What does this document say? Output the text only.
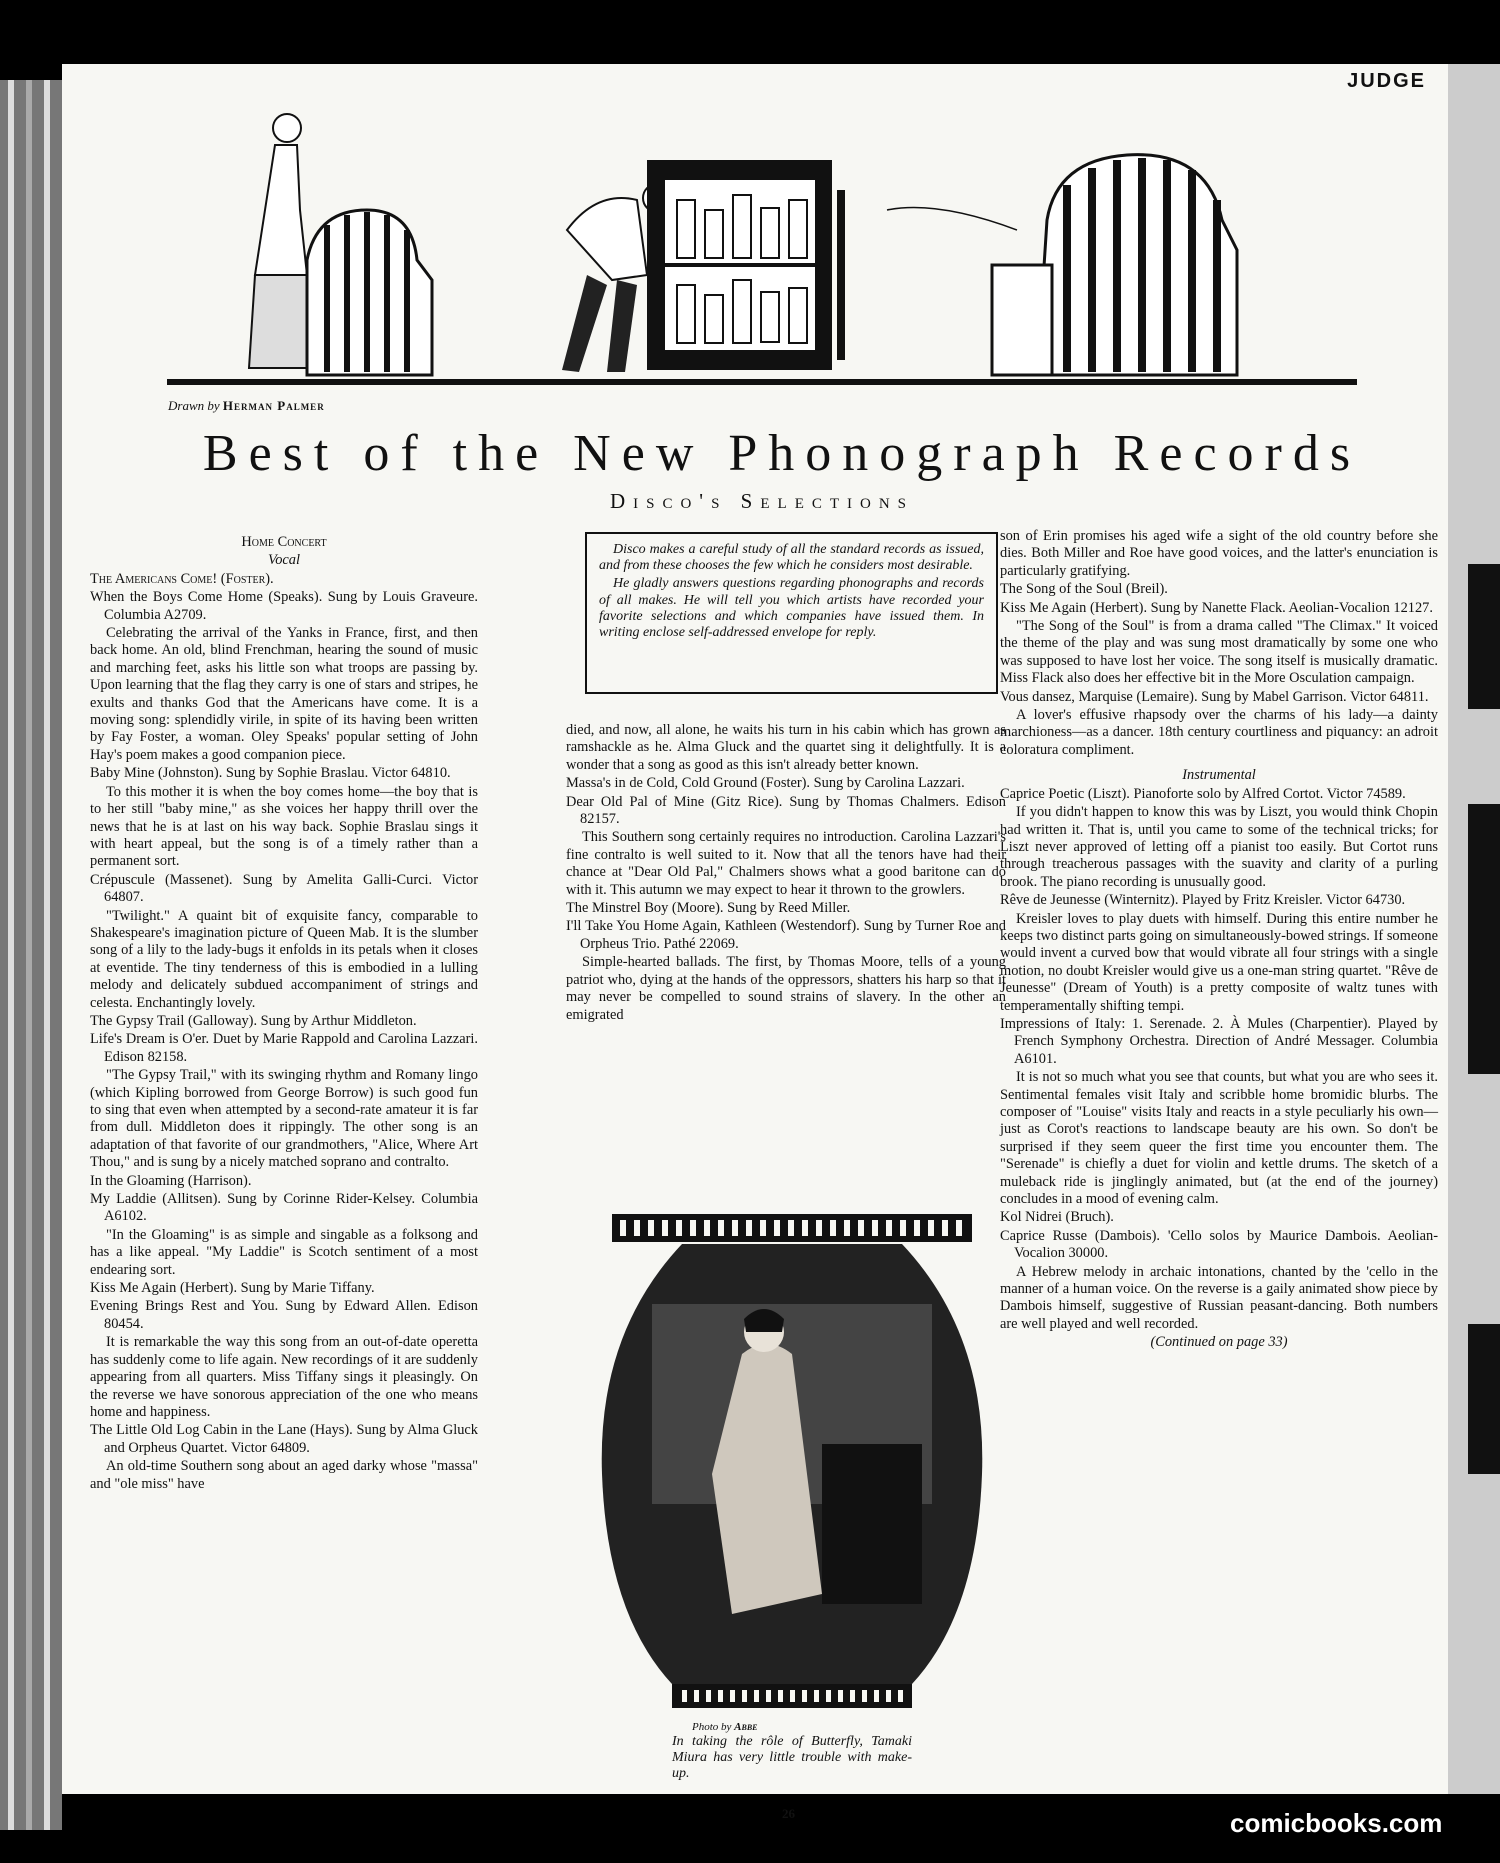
JUDGE
Drawn by Herman Palmer
Best of the New Phonograph Records
Disco's Selections

Home Concert

Vocal

The Americans Come! (Foster).

When the Boys Come Home (Speaks). Sung by Louis Graveure. Columbia A2709.

Celebrating the arrival of the Yanks in France, first, and then back home. An old, blind Frenchman, hearing the sound of music and marching feet, asks his little son what troops are passing by. Upon learning that the flag they carry is one of stars and stripes, he exults and thanks God that the Americans have come. It is a moving song: splendidly virile, in spite of its having been written by Fay Foster, a woman. Oley Speaks' popular setting of John Hay's poem makes a good companion piece.

Baby Mine (Johnston). Sung by Sophie Braslau. Victor 64810.

To this mother it is when the boy comes home—the boy that is to her still "baby mine," as she voices her happy thrill over the news that he is at last on his way back. Sophie Braslau sings it with heart appeal, but the song is of a timely rather than a permanent sort.

Crépuscule (Massenet). Sung by Amelita Galli-Curci. Victor 64807.

"Twilight." A quaint bit of exquisite fancy, comparable to Shakespeare's imagination picture of Queen Mab. It is the slumber song of a lily to the lady-bugs it enfolds in its petals when it closes at eventide. The tiny tenderness of this is embodied in a lulling melody and delicately subdued accompaniment of strings and celesta. Enchantingly lovely.

The Gypsy Trail (Galloway). Sung by Arthur Middleton.

Life's Dream is O'er. Duet by Marie Rappold and Carolina Lazzari. Edison 82158.

"The Gypsy Trail," with its swinging rhythm and Romany lingo (which Kipling borrowed from George Borrow) is such good fun to sing that even when attempted by a second-rate amateur it is far from dull. Middleton does it rippingly. The other song is an adaptation of that favorite of our grandmothers, "Alice, Where Art Thou," and is sung by a nicely matched soprano and contralto.

In the Gloaming (Harrison).

My Laddie (Allitsen). Sung by Corinne Rider-Kelsey. Columbia A6102.

"In the Gloaming" is as simple and singable as a folksong and has a like appeal. "My Laddie" is Scotch sentiment of a most endearing sort.

Kiss Me Again (Herbert). Sung by Marie Tiffany.

Evening Brings Rest and You. Sung by Edward Allen. Edison 80454.

It is remarkable the way this song from an out-of-date operetta has suddenly come to life again. New recordings of it are suddenly appearing from all quarters. Miss Tiffany sings it pleasingly. On the reverse we have sonorous appreciation of the one who means home and happiness.

The Little Old Log Cabin in the Lane (Hays). Sung by Alma Gluck and Orpheus Quartet. Victor 64809.

An old-time Southern song about an aged darky whose "massa" and "ole miss" have

Disco makes a careful study of all the standard records as issued, and from these chooses the few which he considers most desirable.

He gladly answers questions regarding phonographs and records of all makes. He will tell you which artists have recorded your favorite selections and which companies have issued them. In writing enclose self-addressed envelope for reply.

died, and now, all alone, he waits his turn in his cabin which has grown as ramshackle as he. Alma Gluck and the quartet sing it delightfully. It is a wonder that a song as good as this isn't already better known.

Massa's in de Cold, Cold Ground (Foster). Sung by Carolina Lazzari.

Dear Old Pal of Mine (Gitz Rice). Sung by Thomas Chalmers. Edison 82157.

This Southern song certainly requires no introduction. Carolina Lazzari's fine contralto is well suited to it. Now that all the tenors have had their chance at "Dear Old Pal," Chalmers shows what a good baritone can do with it. This autumn we may expect to hear it thrown to the growlers.

The Minstrel Boy (Moore). Sung by Reed Miller.

I'll Take You Home Again, Kathleen (Westendorf). Sung by Turner Roe and Orpheus Trio. Pathé 22069.

Simple-hearted ballads. The first, by Thomas Moore, tells of a young patriot who, dying at the hands of the oppressors, shatters his harp so that it may never be compelled to sound strains of slavery. In the other an emigrated

Photo by Abbe
In taking the rôle of Butterfly, Tamaki Miura has very little trouble with make-up.

son of Erin promises his aged wife a sight of the old country before she dies. Both Miller and Roe have good voices, and the latter's enunciation is particularly gratifying.

The Song of the Soul (Breil).

Kiss Me Again (Herbert). Sung by Nanette Flack. Aeolian-Vocalion 12127.

"The Song of the Soul" is from a drama called "The Climax." It voiced the theme of the play and was sung most dramatically by some one who was supposed to have lost her voice. The song itself is musically dramatic. Miss Flack also does her effective bit in the More Osculation campaign.

Vous dansez, Marquise (Lemaire). Sung by Mabel Garrison. Victor 64811.

A lover's effusive rhapsody over the charms of his lady—a dainty marchioness—as a dancer. 18th century courtliness and piquancy: an adroit coloratura compliment.

Instrumental

Caprice Poetic (Liszt). Pianoforte solo by Alfred Cortot. Victor 74589.

If you didn't happen to know this was by Liszt, you would think Chopin had written it. That is, until you came to some of the technical tricks; for Liszt never approved of letting off a pianist too easily. But Cortot runs through treacherous passages with the suavity and clarity of a purling brook. The piano recording is unusually good.

Rêve de Jeunesse (Winternitz). Played by Fritz Kreisler. Victor 64730.

Kreisler loves to play duets with himself. During this entire number he keeps two distinct parts going on simultaneously-bowed strings. If someone would invent a curved bow that would vibrate all four strings with a single motion, no doubt Kreisler would give us a one-man string quartet. "Rêve de Jeunesse" (Dream of Youth) is a pretty composite of waltz tunes with temperamentally shifting tempi.

Impressions of Italy: 1. Serenade. 2. À Mules (Charpentier). Played by French Symphony Orchestra. Direction of André Messager. Columbia A6101.

It is not so much what you see that counts, but what you are who sees it. Sentimental females visit Italy and scribble home bromidic blurbs. The composer of "Louise" visits Italy and reacts in a style peculiarly his own—just as Corot's reactions to landscape beauty are his own. So don't be surprised if they seem queer the first time you encounter them. The "Serenade" is chiefly a duet for violin and kettle drums. The sketch of a muleback ride is jinglingly animated, but (at the end of the journey) concludes in a mood of evening calm.

Kol Nidrei (Bruch).

Caprice Russe (Dambois). 'Cello solos by Maurice Dambois. Aeolian-Vocalion 30000.

A Hebrew melody in archaic intonations, chanted by the 'cello in the manner of a human voice. On the reverse is a gaily animated show piece by Dambois himself, suggestive of Russian peasant-dancing. Both numbers are well played and well recorded.

(Continued on page 33)

26	comicbooks.com
